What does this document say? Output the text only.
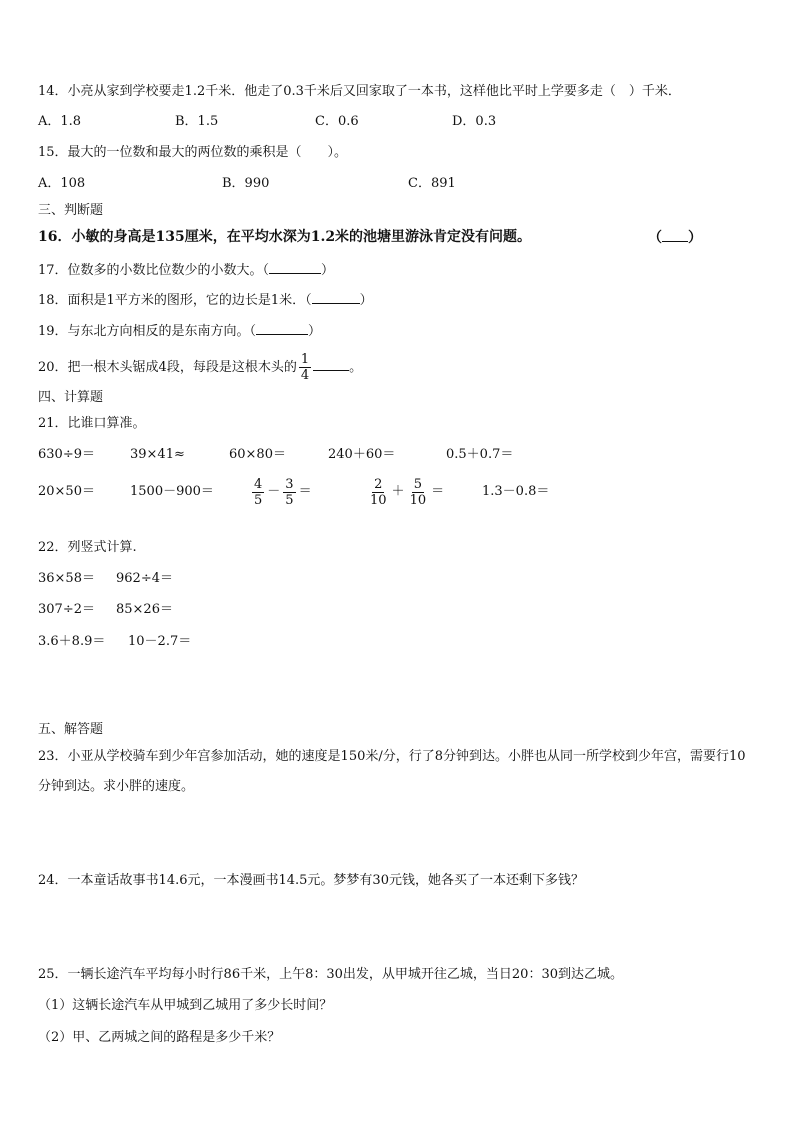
14．小亮从家到学校要走1.2千米．他走了0.3千米后又回家取了一本书，这样他比平时上学要多走（　）千米．
A．1.8	B．1.5	C．0.6	D．0.3
15．最大的一位数和最大的两位数的乘积是（　　）。
A．108	B．990	C．891
三、判断题
16．小敏的身高是135厘米，在平均水深为1.2米的池塘里游泳肯定没有问题。	（ ）
17．位数多的小数比位数少的小数大。（	）
18．面积是1平方米的图形，它的边长是1米．（	）
19．与东北方向相反的是东南方向。（	）
20．把一根木头锯成4段，每段是这根木头的 $\frac{1}{4}$	。
四、计算题
21．比谁口算准。
630÷9＝	39×41≈	60×80＝	240＋60＝	0.5＋0.7＝
20×50＝	1500－900＝	$\frac{4}{5} - \frac{3}{5}$ ＝	$\frac{2}{10} + \frac{5}{10}$ ＝	1.3－0.8＝
22．列竖式计算.
36×58＝ 962÷4＝
307÷2＝ 85×26＝
3.6＋8.9＝ 10－2.7＝
五、解答题
23．小亚从学校骑车到少年宫参加活动，她的速度是150米/分，行了8分钟到达。小胖也从同一所学校到少年宫，需要行10分钟到达。求小胖的速度。
24．一本童话故事书14.6元，一本漫画书14.5元。梦梦有30元钱，她各买了一本还剩下多钱？
25．一辆长途汽车平均每小时行86千米，上午8：30出发，从甲城开往乙城，当日20：30到达乙城。
（1）这辆长途汽车从甲城到乙城用了多少长时间？
（2）甲、乙两城之间的路程是多少千米？
